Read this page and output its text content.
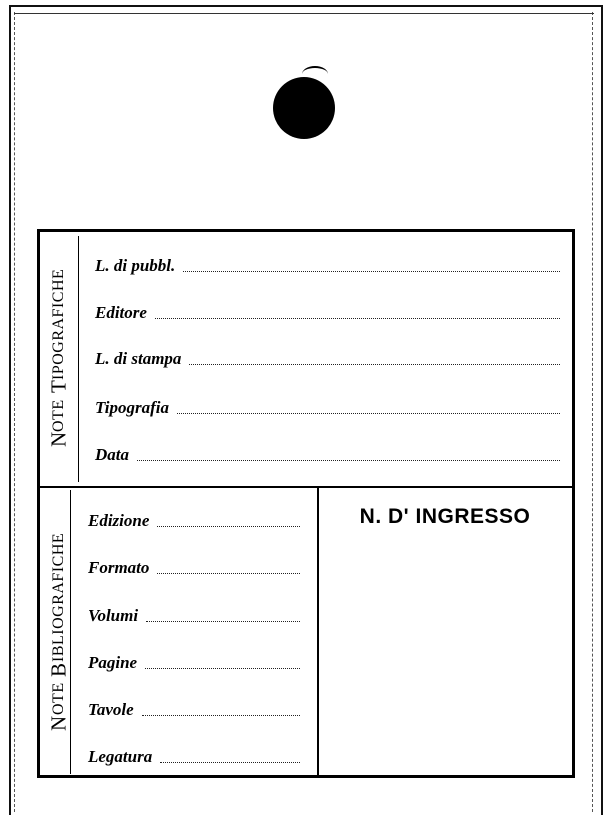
N
OTE

T
IPOGRAFICHE
L. di pubbl.
Editore
L. di stampa
Tipografia
Data
N
OTE

B
IBLIOGRAFICHE
Edizione
Formato
Volumi
Pagine
Tavole
Legatura
N. D' INGRESSO
